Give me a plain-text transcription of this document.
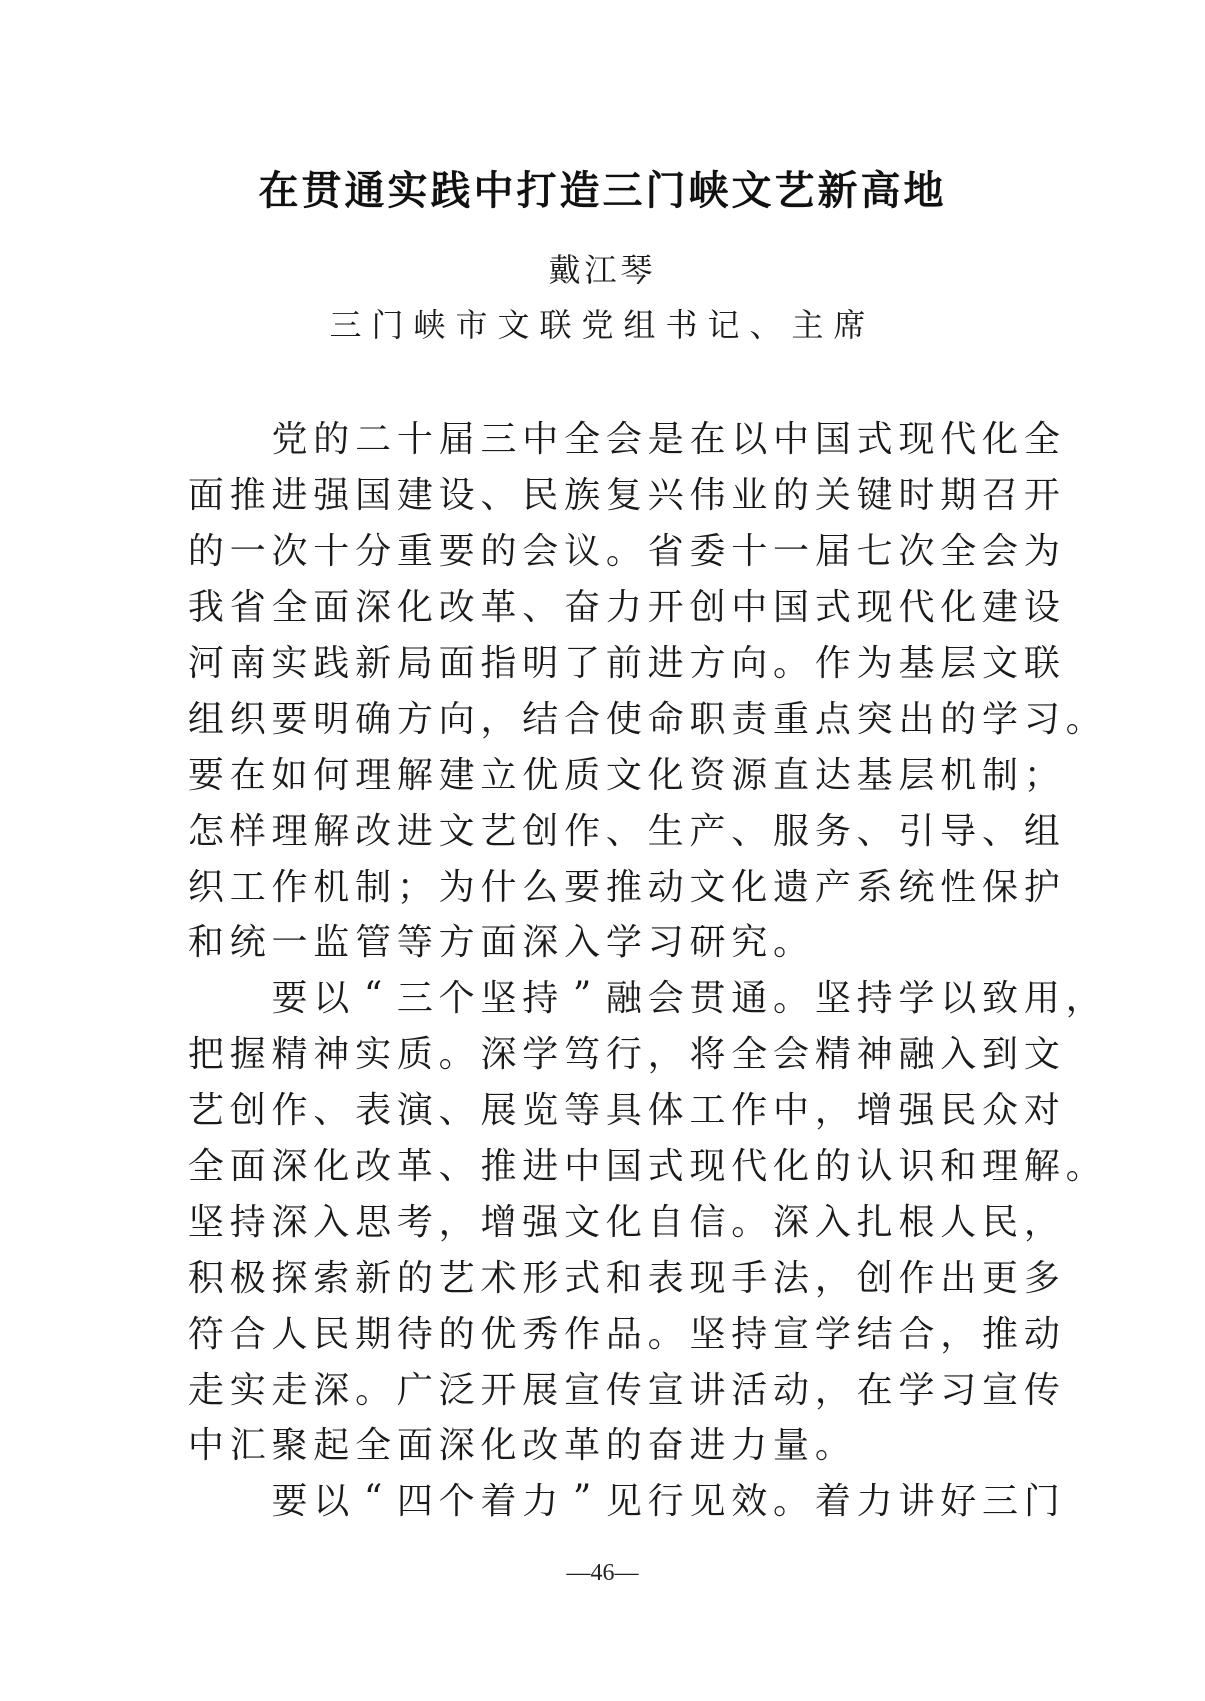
在贯通实践中打造三门峡文艺新高地
戴江琴
三门峡市文联党组书记、主席

党 的 二 十 届 三 中 全 会 是 在 以 中 国 式 现 代 化 全
面 推 进 强 国 建 设 、 民 族 复 兴 伟 业 的 关 键 时 期 召 开
的 一 次 十 分 重 要 的 会 议 。 省 委 十 一 届 七 次 全 会 为
我 省 全 面 深 化 改 革 、 奋 力 开 创 中 国 式 现 代 化 建 设
河 南 实 践 新 局 面 指 明 了 前 进 方 向 。 作 为 基 层 文 联
组 织 要 明 确 方 向 ， 结 合 使 命 职 责 重 点 突 出 的 学 习 。
要 在 如 何 理 解 建 立 优 质 文 化 资 源 直 达 基 层 机 制 ；
怎 样 理 解 改 进 文 艺 创 作 、 生 产 、 服 务 、 引 导 、 组
织 工 作 机 制 ； 为 什 么 要 推 动 文 化 遗 产 系 统 性 保 护
和 统 一 监 管 等 方 面 深 入 学 习 研 究 。

要 以 “ 三 个 坚 持 ” 融 会 贯 通 。 坚 持 学 以 致 用 ，
把 握 精 神 实 质 。 深 学 笃 行 ， 将 全 会 精 神 融 入 到 文
艺 创 作 、 表 演 、 展 览 等 具 体 工 作 中 ， 增 强 民 众 对
全 面 深 化 改 革 、 推 进 中 国 式 现 代 化 的 认 识 和 理 解 。
坚 持 深 入 思 考 ， 增 强 文 化 自 信 。 深 入 扎 根 人 民 ，
积 极 探 索 新 的 艺 术 形 式 和 表 现 手 法 ， 创 作 出 更 多
符 合 人 民 期 待 的 优 秀 作 品 。 坚 持 宣 学 结 合 ， 推 动
走 实 走 深 。 广 泛 开 展 宣 传 宣 讲 活 动 ， 在 学 习 宣 传
中 汇 聚 起 全 面 深 化 改 革 的 奋 进 力 量 。

要 以 “ 四 个 着 力 ” 见 行 见 效 。 着 力 讲 好 三 门
—46—
